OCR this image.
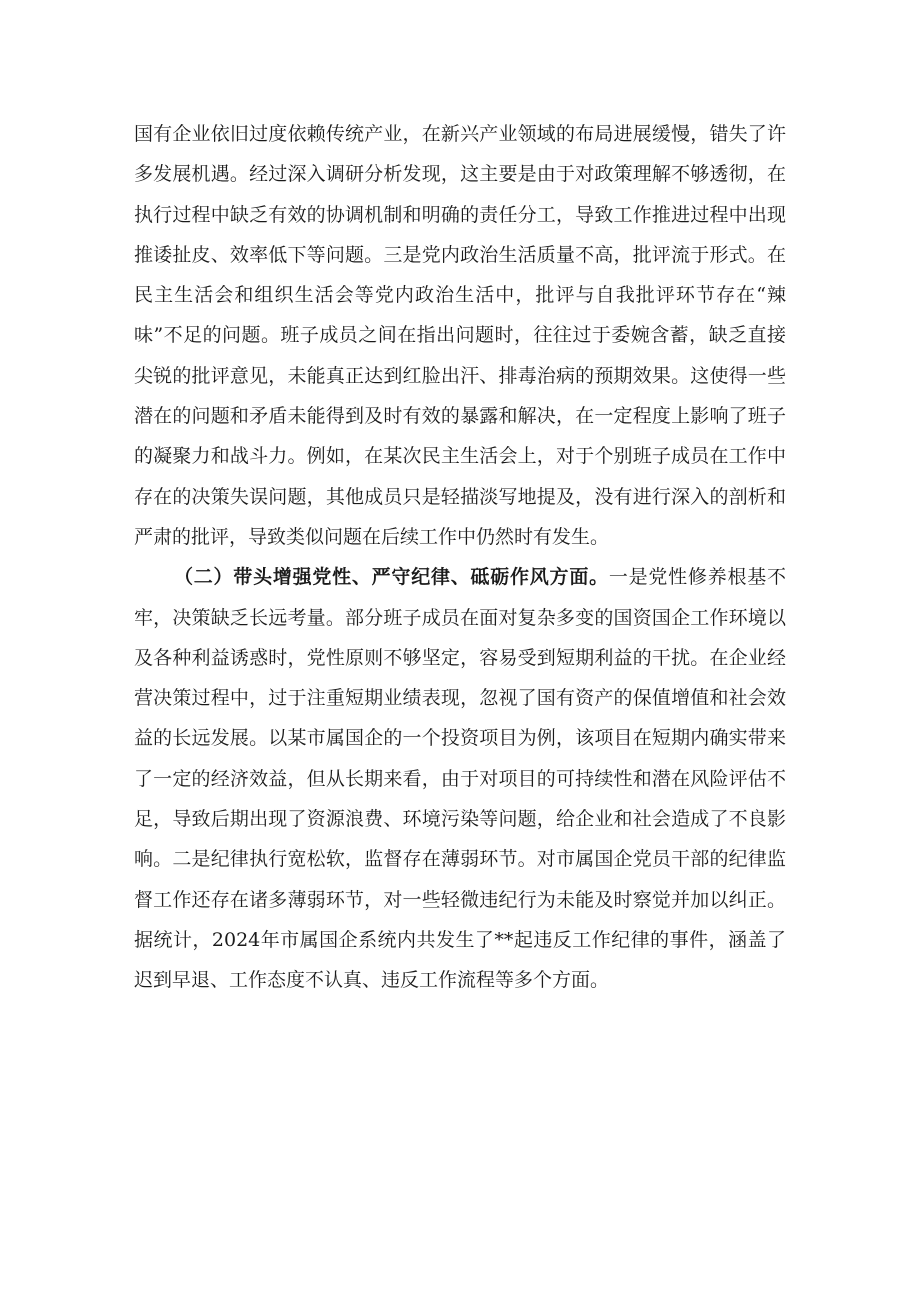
国有企业依旧过度依赖传统产业，在新兴产业领域的布局进展缓慢，错失了许多发展机遇。经过深入调研分析发现，这主要是由于对政策理解不够透彻，在执行过程中缺乏有效的协调机制和明确的责任分工，导致工作推进过程中出现推诿扯皮、效率低下等问题。三是党内政治生活质量不高，批评流于形式。在民主生活会和组织生活会等党内政治生活中，批评与自我批评环节存在“辣味”不足的问题。班子成员之间在指出问题时，往往过于委婉含蓄，缺乏直接尖锐的批评意见，未能真正达到红脸出汗、排毒治病的预期效果。这使得一些潜在的问题和矛盾未能得到及时有效的暴露和解决，在一定程度上影响了班子的凝聚力和战斗力。例如，在某次民主生活会上，对于个别班子成员在工作中存在的决策失误问题，其他成员只是轻描淡写地提及，没有进行深入的剖析和严肃的批评，导致类似问题在后续工作中仍然时有发生。

（二）带头增强党性、严守纪律、砥砺作风方面。一是党性修养根基不牢，决策缺乏长远考量。部分班子成员在面对复杂多变的国资国企工作环境以及各种利益诱惑时，党性原则不够坚定，容易受到短期利益的干扰。在企业经营决策过程中，过于注重短期业绩表现，忽视了国有资产的保值增值和社会效益的长远发展。以某市属国企的一个投资项目为例，该项目在短期内确实带来了一定的经济效益，但从长期来看，由于对项目的可持续性和潜在风险评估不足，导致后期出现了资源浪费、环境污染等问题，给企业和社会造成了不良影响。二是纪律执行宽松软，监督存在薄弱环节。对市属国企党员干部的纪律监督工作还存在诸多薄弱环节，对一些轻微违纪行为未能及时察觉并加以纠正。据统计，2024年市属国企系统内共发生了**起违反工作纪律的事件，涵盖了迟到早退、工作态度不认真、违反工作流程等多个方面。
